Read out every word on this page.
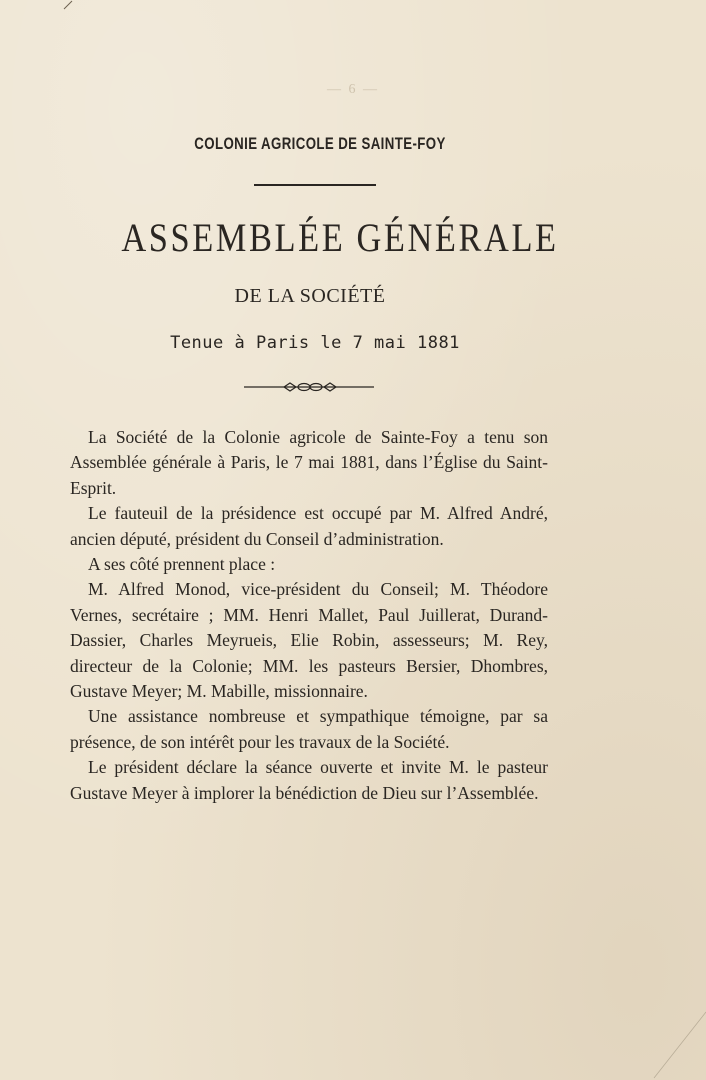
— 6 —
COLONIE AGRICOLE DE SAINTE-FOY
ASSEMBLÉE GÉNÉRALE
DE LA SOCIÉTÉ
Tenue à Paris le 7 mai 1881

La Société de la Colonie agricole de Sainte-Foy a tenu son Assemblée générale à Paris, le 7 mai 1881, dans l’Église du Saint-Esprit.

Le fauteuil de la présidence est occupé par M. Alfred André, ancien député, président du Conseil d’administration.

A ses côté prennent place :

M. Alfred Monod, vice-président du Conseil; M. Théodore Vernes, secrétaire ; MM. Henri Mallet, Paul Juillerat, Durand-Dassier, Charles Meyrueis, Elie Robin, assesseurs; M. Rey, directeur de la Colonie; MM. les pasteurs Bersier, Dhombres, Gustave Meyer; M. Mabille, missionnaire.

Une assistance nombreuse et sympathique témoigne, par sa présence, de son intérêt pour les travaux de la Société.

Le président déclare la séance ouverte et invite M. le pasteur Gustave Meyer à implorer la bénédiction de Dieu sur l’Assemblée.
